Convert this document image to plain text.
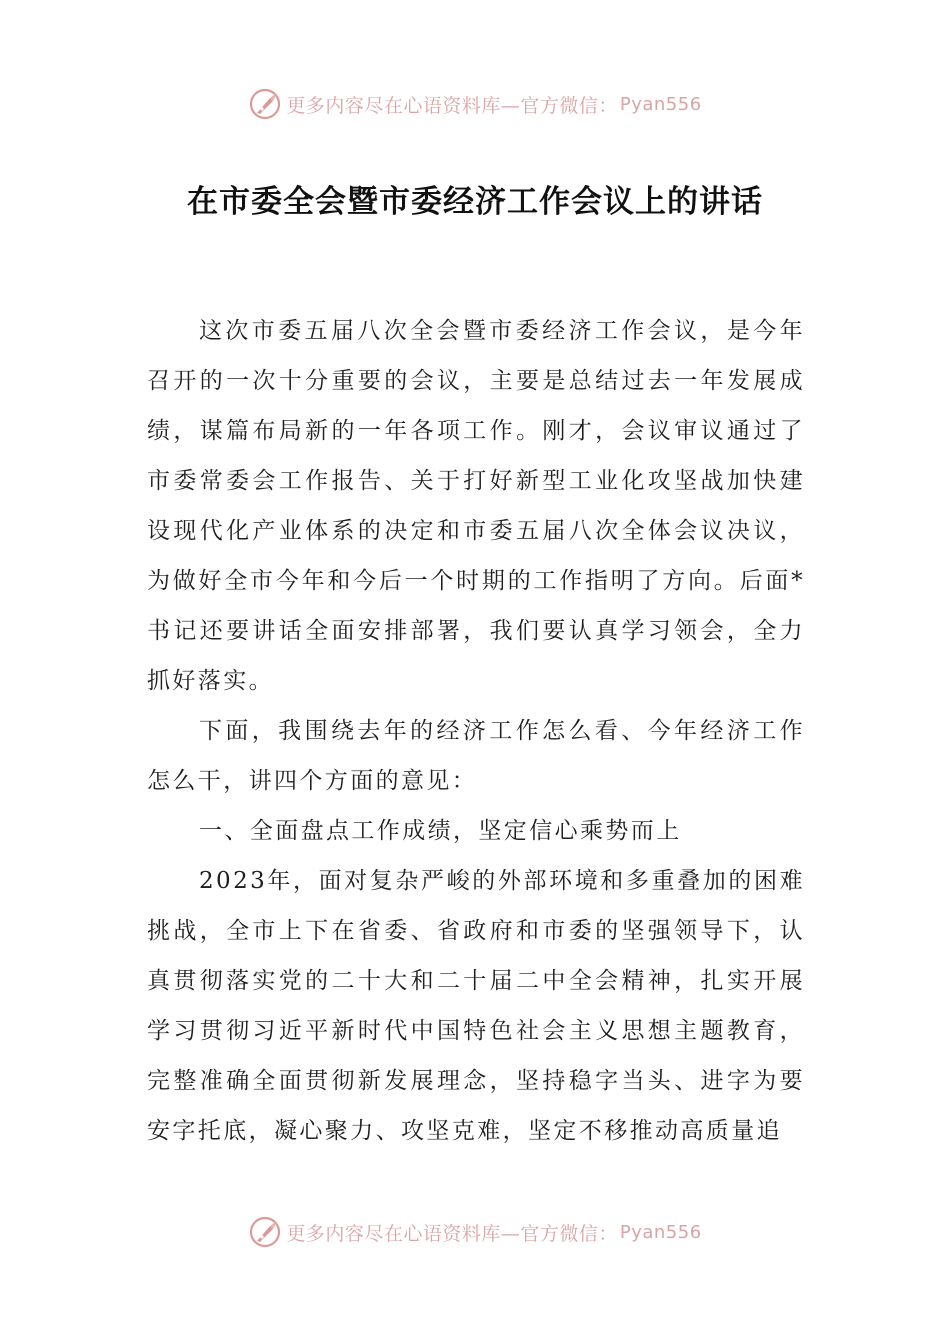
更多内容尽在心语资料库—官方微信： Pyan556
在市委全会暨市委经济工作会议上的讲话

这次市委五届八次全会暨市委经济工作会议，是今年召开的一次十分重要的会议，主要是总结过去一年发展成绩，谋篇布局新的一年各项工作。刚才，会议审议通过了市委常委会工作报告、关于打好新型工业化攻坚战加快建设现代化产业体系的决定和市委五届八次全体会议决议，为做好全市今年和今后一个时期的工作指明了方向。后面*书记还要讲话全面安排部署，我们要认真学习领会，全力抓好落实。

下面，我围绕去年的经济工作怎么看、今年经济工作怎么干，讲四个方面的意见：

一、全面盘点工作成绩，坚定信心乘势而上

2023年，面对复杂严峻的外部环境和多重叠加的困难挑战，全市上下在省委、省政府和市委的坚强领导下，认真贯彻落实党的二十大和二十届二中全会精神，扎实开展学习贯彻习近平新时代中国特色社会主义思想主题教育，完整准确全面贯彻新发展理念，坚持稳字当头、进字为要安字托底，凝心聚力、攻坚克难，坚定不移推动高质量追

更多内容尽在心语资料库—官方微信： Pyan556
